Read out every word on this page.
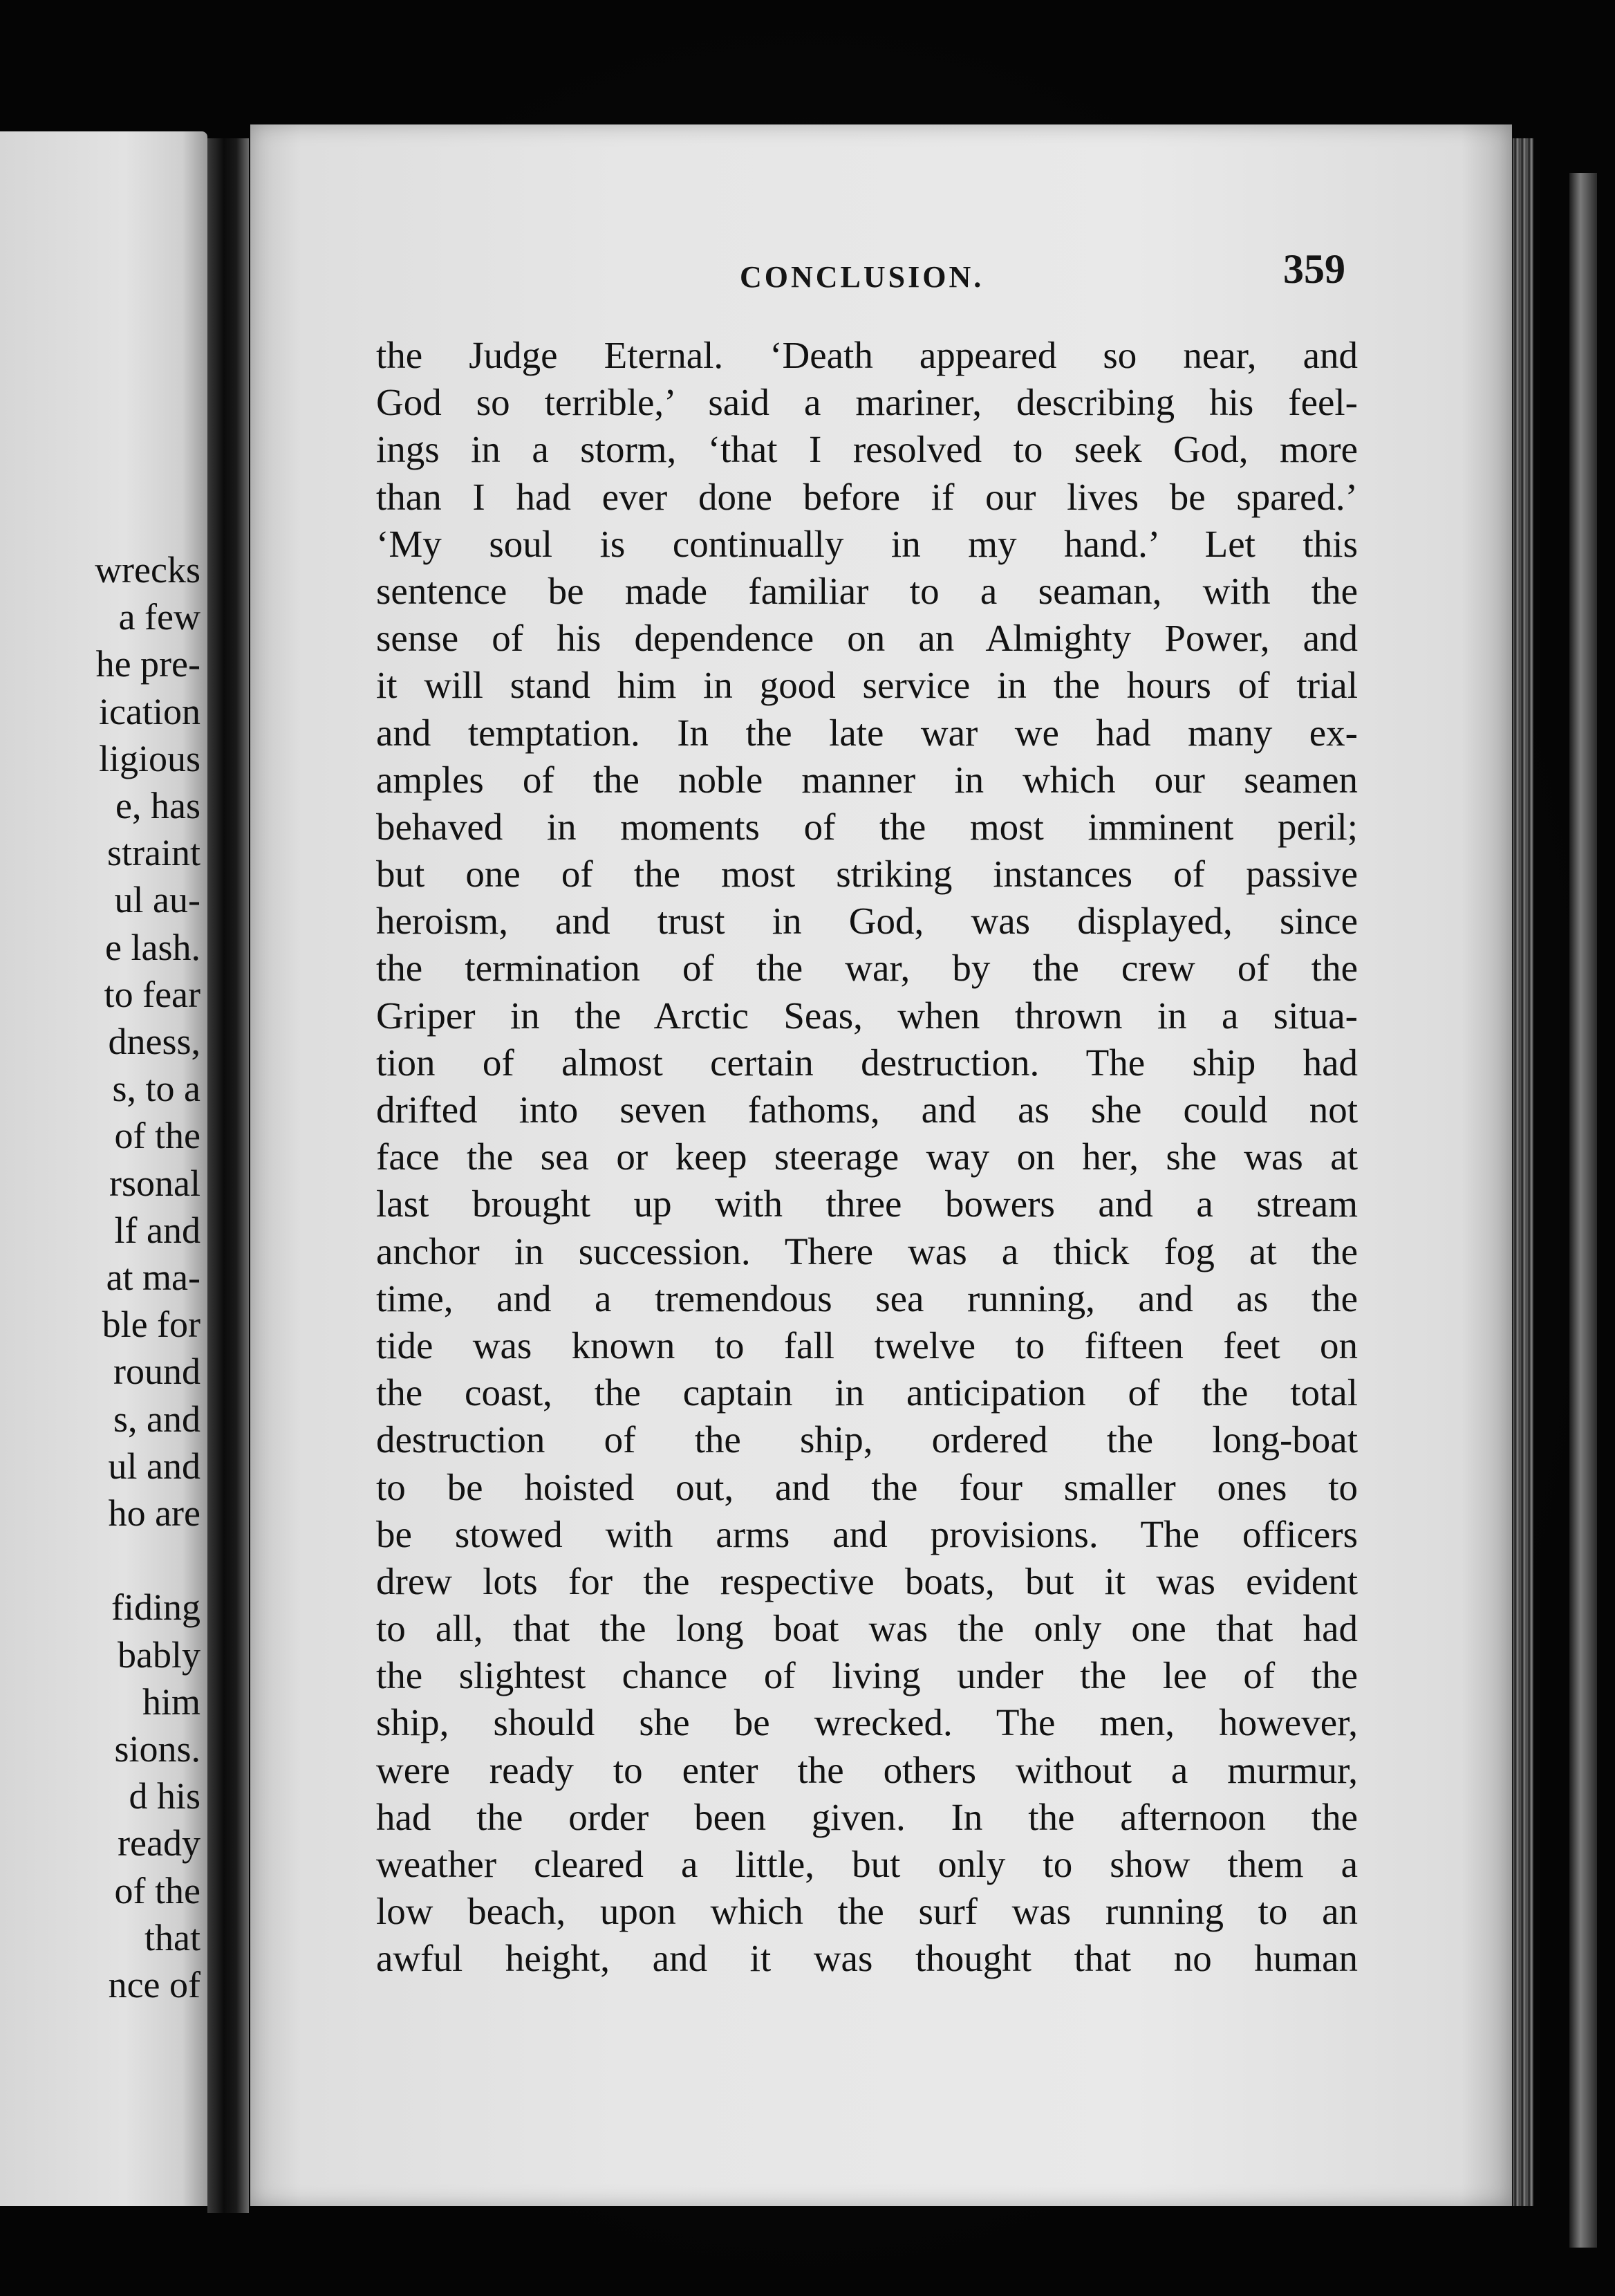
wrecks
a few
he pre-
ication
ligious
e, has
straint
ul au-
e lash.
to fear
dness,
s, to a
of the
rsonal
lf and
at ma-
ble for
round
s, and
ul and
ho are
fiding
bably
him
sions.
d his
ready
of the
that
nce of
CONCLUSION.	359
the Judge Eternal. ‘Death appeared so near, and
God so terrible,’ said a mariner, describing his feel-
ings in a storm, ‘that I resolved to seek God, more
than I had ever done before if our lives be spared.’
‘My soul is continually in my hand.’ Let this
sentence be made familiar to a seaman, with the
sense of his dependence on an Almighty Power, and
it will stand him in good service in the hours of trial
and temptation. In the late war we had many ex-
amples of the noble manner in which our seamen
behaved in moments of the most imminent peril;
but one of the most striking instances of passive
heroism, and trust in God, was displayed, since
the termination of the war, by the crew of the
Griper in the Arctic Seas, when thrown in a situa-
tion of almost certain destruction. The ship had
drifted into seven fathoms, and as she could not
face the sea or keep steerage way on her, she was at
last brought up with three bowers and a stream
anchor in succession. There was a thick fog at the
time, and a tremendous sea running, and as the
tide was known to fall twelve to fifteen feet on
the coast, the captain in anticipation of the total
destruction of the ship, ordered the long-boat
to be hoisted out, and the four smaller ones to
be stowed with arms and provisions. The officers
drew lots for the respective boats, but it was evident
to all, that the long boat was the only one that had
the slightest chance of living under the lee of the
ship, should she be wrecked. The men, however,
were ready to enter the others without a murmur,
had the order been given. In the afternoon the
weather cleared a little, but only to show them a
low beach, upon which the surf was running to an
awful height, and it was thought that no human
